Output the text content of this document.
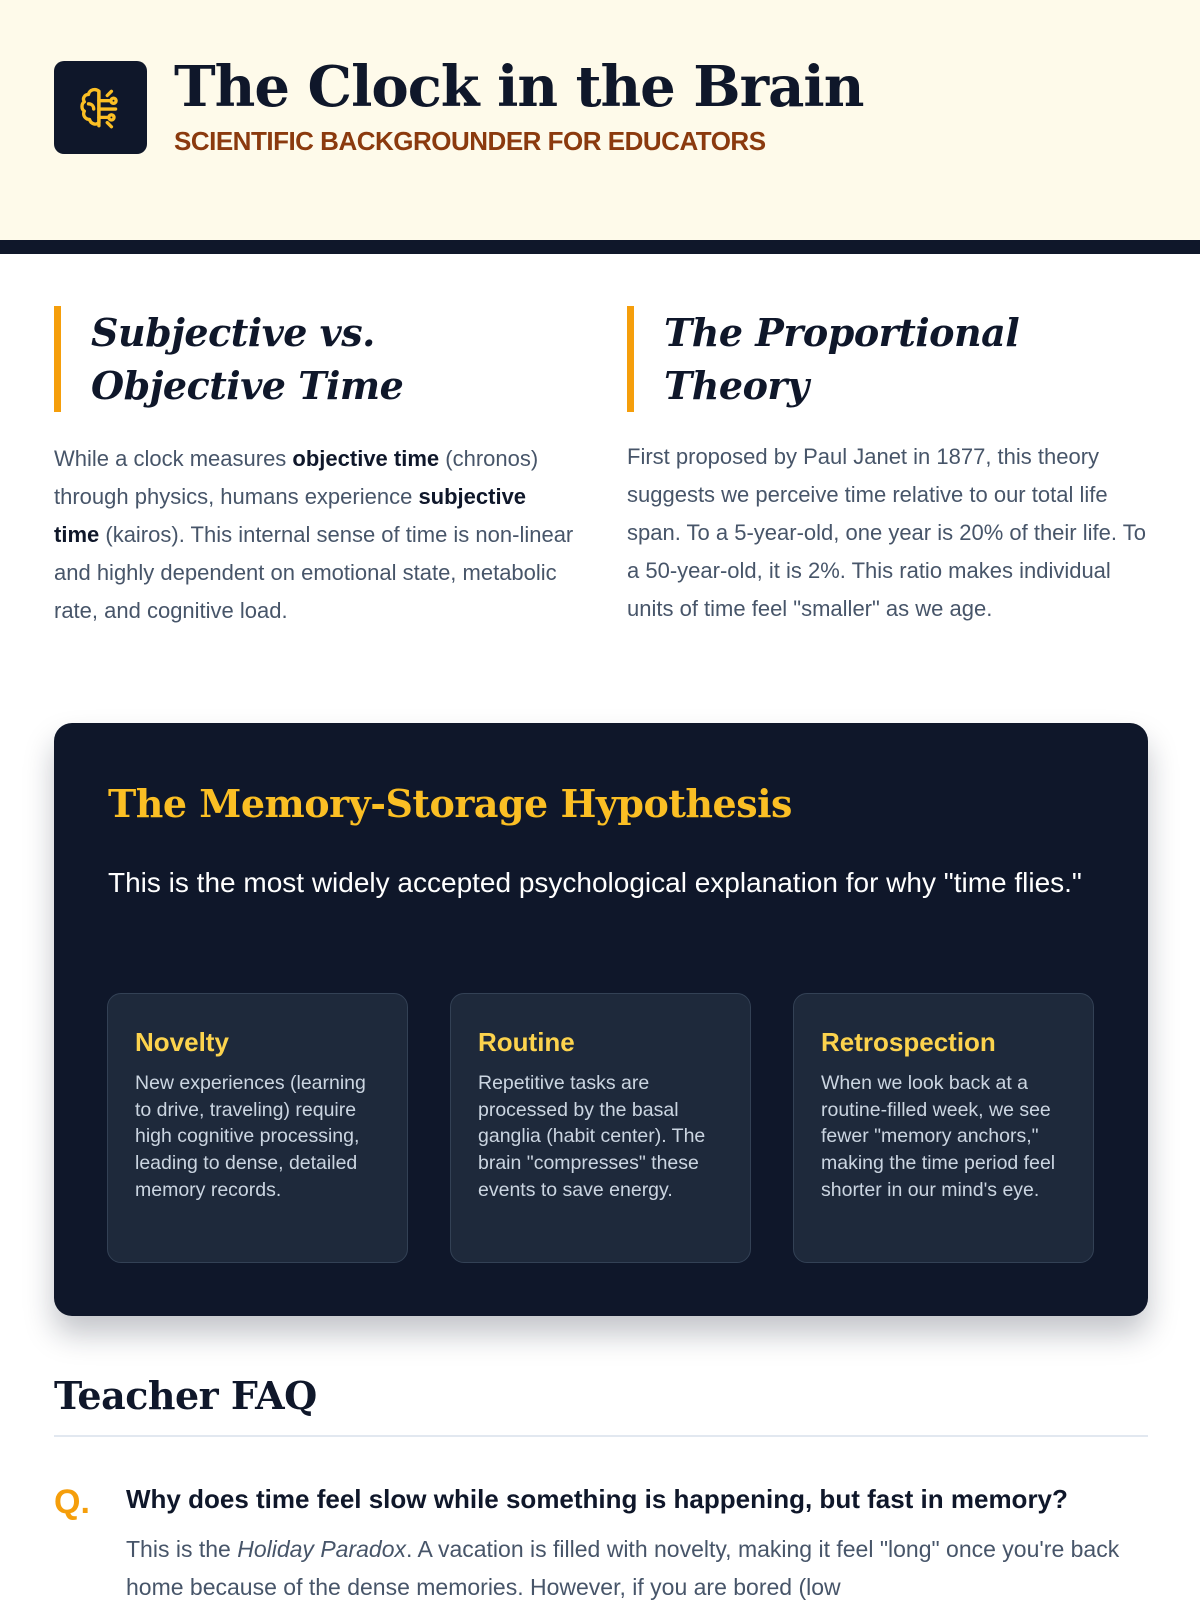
The Clock in the Brain
SCIENTIFIC BACKGROUNDER FOR EDUCATORS
Subjective vs. Objective Time

While a clock measures objective time (chronos) through physics, humans experience subjective time (kairos). This internal sense of time is non-linear and highly dependent on emotional state, metabolic rate, and cognitive load.

The Proportional Theory

First proposed by Paul Janet in 1877, this theory suggests we perceive time relative to our total life span. To a 5-year-old, one year is 20% of their life. To a 50-year-old, it is 2%. This ratio makes individual units of time feel "smaller" as we age.

The Memory-Storage Hypothesis

This is the most widely accepted psychological explanation for why "time flies."

Novelty

New experiences (learning to drive, traveling) require high cognitive processing, leading to dense, detailed memory records.

Routine

Repetitive tasks are processed by the basal ganglia (habit center). The brain "compresses" these events to save energy.

Retrospection

When we look back at a routine-filled week, we see fewer "memory anchors," making the time period feel shorter in our mind's eye.

Teacher FAQ
Q. Why does time feel slow while something is happening, but fast in memory?

This is the Holiday Paradox. A vacation is filled with novelty, making it feel "long" once you're back home because of the dense memories. However, if you are bored (low
